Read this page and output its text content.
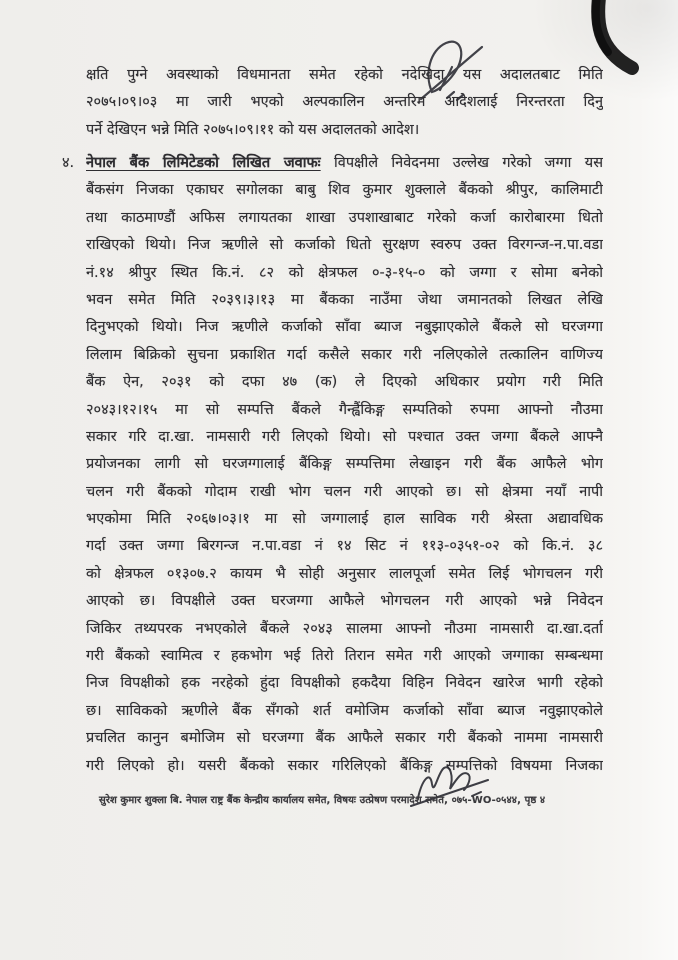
क्षति पुग्ने अवस्थाको विधमानता समेत रहेको नदेखिदा यस अदालतबाट मिति
२०७५।०९।०३ मा जारी भएको अल्पकालिन अन्तरिम आदेशलाई निरन्तरता दिनु
पर्ने देखिएन भन्ने मिति २०७५।०९।११ को यस अदालतको आदेश।
४. नेपाल बैंक लिमिटेडको लिखित जवाफः विपक्षीले निवेदनमा उल्लेख गरेको जग्गा यस
बैंकसंग निजका एकाघर सगोलका बाबु शिव कुमार शुक्लाले बैंकको श्रीपुर, कालिमाटी
तथा काठमाण्डौं अफिस लगायतका शाखा उपशाखाबाट गरेको कर्जा कारोबारमा धितो
राखिएको थियो। निज ऋणीले सो कर्जाको धितो सुरक्षण स्वरुप उक्त विरगन्ज-न.पा.वडा
नं.१४ श्रीपुर स्थित कि.नं. ८२ को क्षेत्रफल ०-३-१५-० को जग्गा र सोमा बनेको
भवन समेत मिति २०३९।३।१३ मा बैंकका नाउँमा जेथा जमानतको लिखत लेखि
दिनुभएको थियो। निज ऋणीले कर्जाको साँवा ब्याज नबुझाएकोले बैंकले सो घरजग्गा
लिलाम बिक्रिको सुचना प्रकाशित गर्दा कसैले सकार गरी नलिएकोले तत्कालिन वाणिज्य
बैंक ऐन, २०३१ को दफा ४७ (क) ले दिएको अधिकार प्रयोग गरी मिति
२०४३।१२।१५ मा सो सम्पत्ति बैंकले गैन्ह्वैंकिङ्ग सम्पतिको रुपमा आफ्नो नौउमा
सकार गरि दा.खा. नामसारी गरी लिएको थियो। सो पश्चात उक्त जग्गा बैंकले आफ्नै
प्रयोजनका लागी सो घरजग्गालाई बैंकिङ्ग सम्पत्तिमा लेखाइन गरी बैंक आफैले भोग
चलन गरी बैंकको गोदाम राखी भोग चलन गरी आएको छ। सो क्षेत्रमा नयाँ नापी
भएकोमा मिति २०६७।०३।१ मा सो जग्गालाई हाल साविक गरी श्रेस्ता अद्यावधिक
गर्दा उक्त जग्गा बिरगन्ज न.पा.वडा नं १४ सिट नं ११३-०३५१-०२ को कि.नं. ३८
को क्षेत्रफल ०१३०७.२ कायम भै सोही अनुसार लालपूर्जा समेत लिई भोगचलन गरी
आएको छ। विपक्षीले उक्त घरजग्गा आफैले भोगचलन गरी आएको भन्ने निवेदन
जिकिर तथ्यपरक नभएकोले बैंकले २०४३ सालमा आफ्नो नौउमा नामसारी दा.खा.दर्ता
गरी बैंकको स्वामित्व र हकभोग भई तिरो तिरान समेत गरी आएको जग्गाका सम्बन्धमा
निज विपक्षीको हक नरहेको हुंदा विपक्षीको हकदैया विहिन निवेदन खारेज भागी रहेको
छ। साविकको ऋणीले बैंक सँगको शर्त वमोजिम कर्जाको साँवा ब्याज नवुझाएकोले
प्रचलित कानुन बमोजिम सो घरजग्गा बैंक आफैले सकार गरी बैंकको नाममा नामसारी
गरी लिएको हो। यसरी बैंकको सकार गरिलिएको बैंकिङ्ग सम्पत्तिको विषयमा निजका
सुरेश कुमार शुक्ला बि. नेपाल राष्ट्र बैंक केन्द्रीय कार्यालय समेत, विषयः उत्प्रेषण परमादेश समेत, ०७५-WO-०५४४, पृष्ठ ४
